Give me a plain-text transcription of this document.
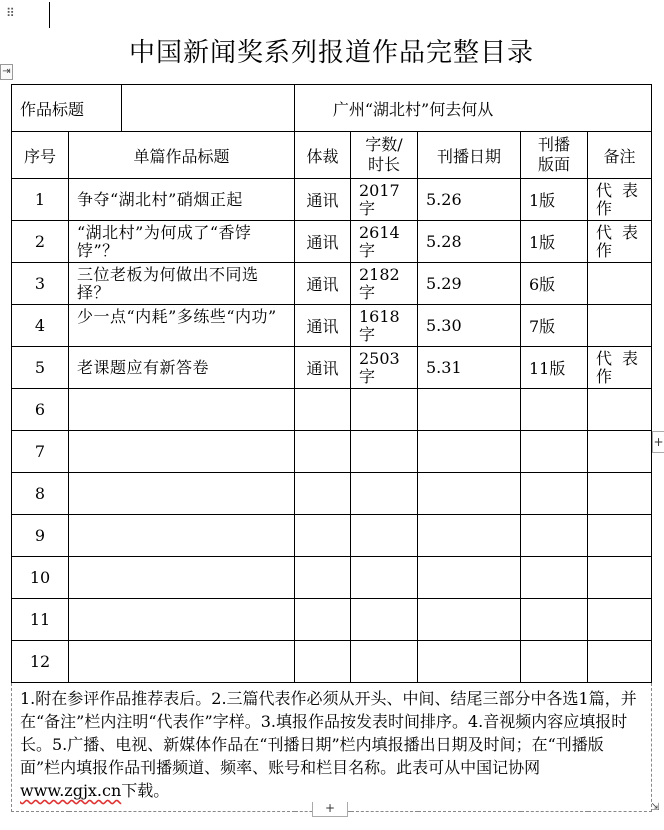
⠿
中国新闻奖系列报道作品完整目录
⇥
作品标题	
		广州“湖北村”何去何从
序号	单篇作品标题	体裁	
字数/
时长	刊播日期	
刊播
版面	备注
1	争夺“湖北村”硝烟正起	通讯	
2017字	5.26	1版	
代表作

2	“湖北村”为何成了“香饽饽”？	通讯	
2614字	5.28	1版	
代表作

3	三位老板为何做出不同选择？	通讯	
2182字	5.29	6版	

4	少一点“内耗”多练些“内功”
	通讯	
1618字	5.30	7版	

5	老课题应有新答卷	通讯	
2503字	5.31	11版	
代表作

6						
7						
8						
9						
10						
11						
12						
1.附在参评作品推荐表后。2.三篇代表作必须从开头、中间、结尾三部分中各选1篇，并在“备注”栏内注明“代表作”字样。3.填报作品按发表时间排序。4.音视频内容应填报时长。5.广播、电视、新媒体作品在“刊播日期”栏内填报播出日期及时间；在“刊播版面”栏内填报作品刊播频道、频率、账号和栏目名称。此表可从中国记协网 www.zgjx.cn下载。
+
+	⇲
